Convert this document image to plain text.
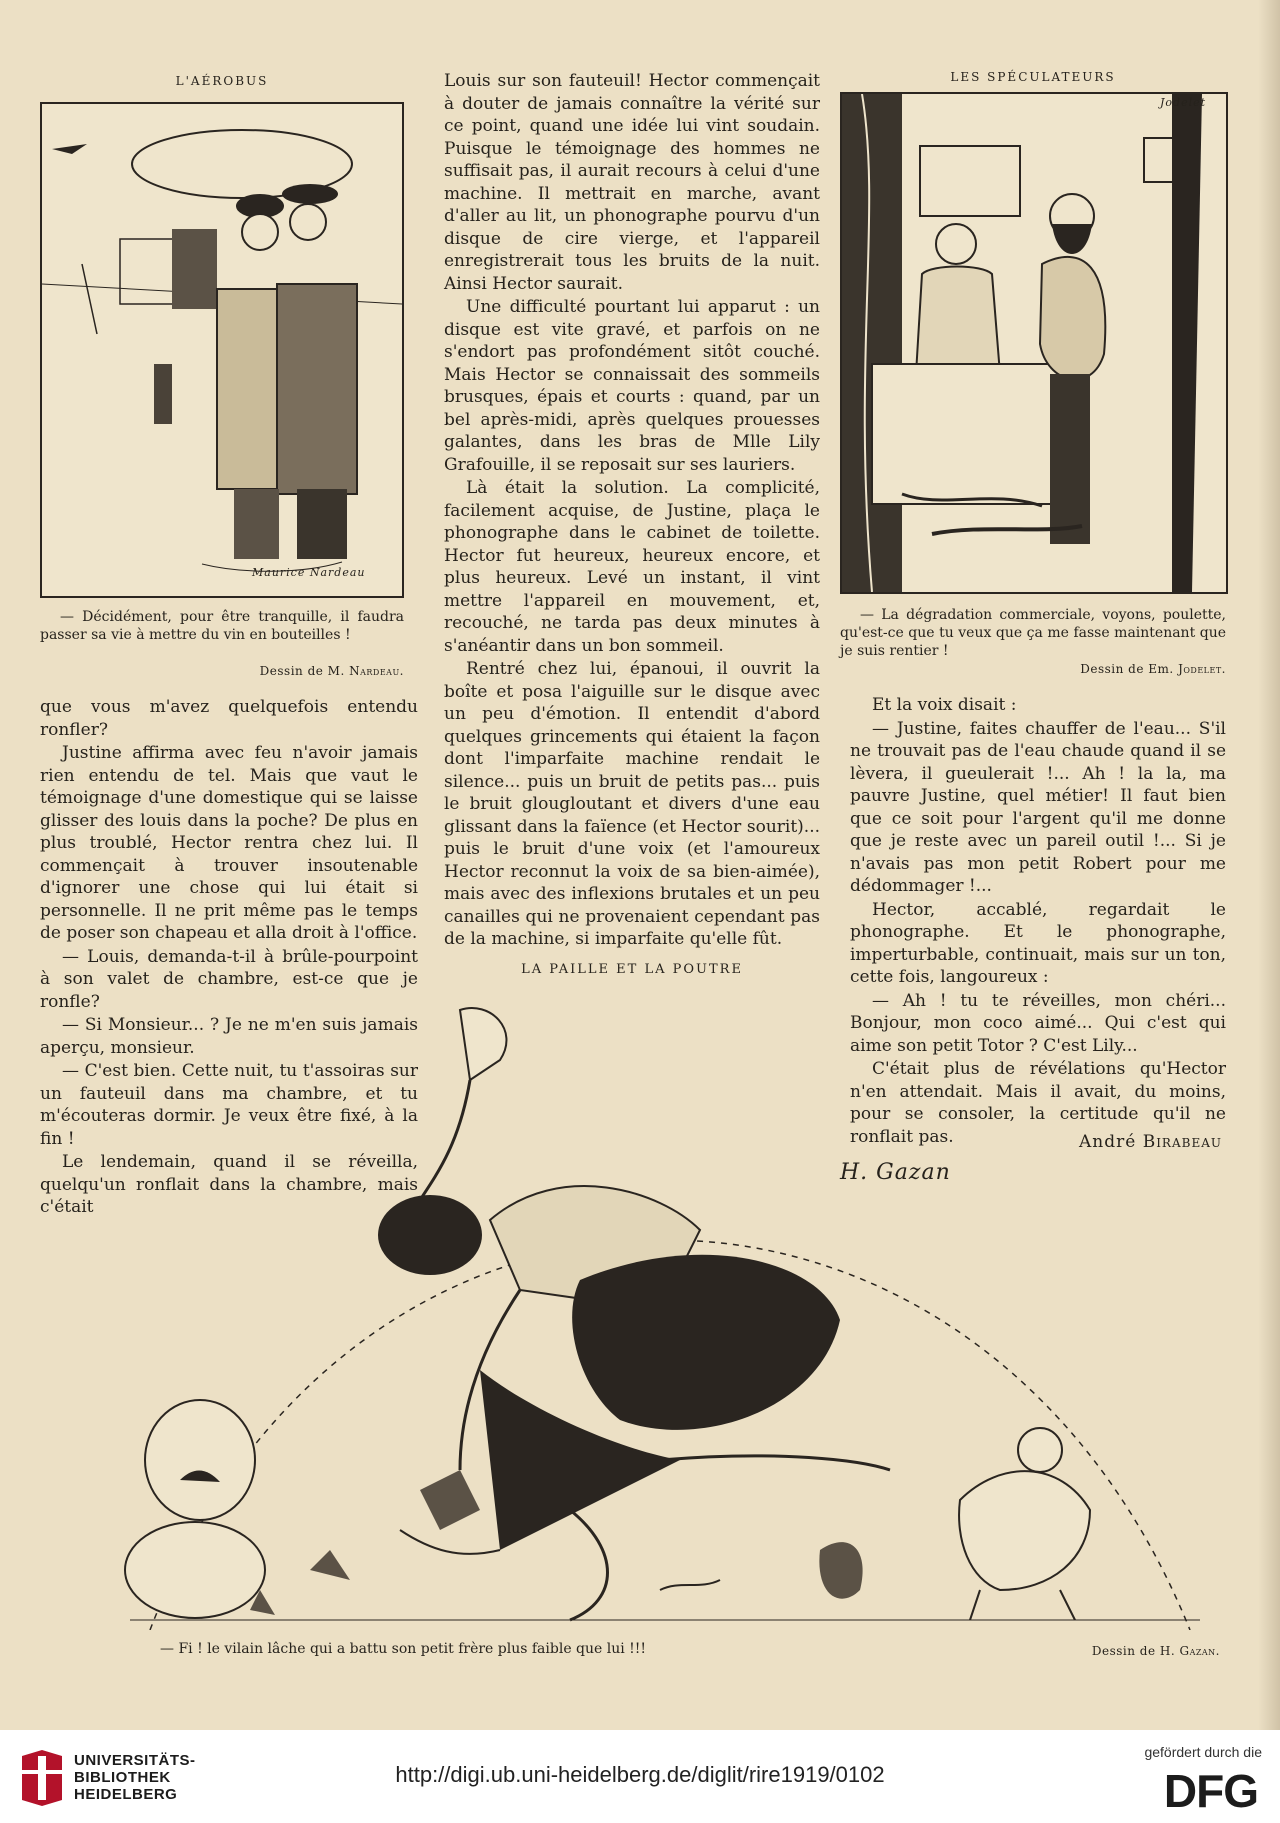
L'AÉROBUS
Maurice Nardeau
— Décidément, pour être tranquille, il faudra passer sa vie à mettre du vin en bouteilles !
Dessin de M. Nardeau.

que vous m'avez quelquefois entendu ronfler?

Justine affirma avec feu n'avoir jamais rien entendu de tel. Mais que vaut le témoignage d'une domestique qui se laisse glisser des louis dans la poche? De plus en plus troublé, Hector rentra chez lui. Il commençait à trouver insoutenable d'ignorer une chose qui lui était si personnelle. Il ne prit même pas le temps de poser son chapeau et alla droit à l'office.

— Louis, demanda-t-il à brûle-pourpoint à son valet de chambre, est-ce que je ronfle?

— Si Monsieur... ? Je ne m'en suis jamais aperçu, monsieur.

— C'est bien. Cette nuit, tu t'assoiras sur un fauteuil dans ma chambre, et tu m'écouteras dormir. Je veux être fixé, à la fin !

Le lendemain, quand il se réveilla, quelqu'un ronflait dans la chambre, mais c'était

Louis sur son fauteuil! Hector commençait à douter de jamais connaître la vérité sur ce point, quand une idée lui vint soudain. Puisque le témoignage des hommes ne suffisait pas, il aurait recours à celui d'une machine. Il mettrait en marche, avant d'aller au lit, un phonographe pourvu d'un disque de cire vierge, et l'appareil enregistrerait tous les bruits de la nuit. Ainsi Hector saurait.

Une difficulté pourtant lui apparut : un disque est vite gravé, et parfois on ne s'endort pas profondément sitôt couché. Mais Hector se connaissait des sommeils brusques, épais et courts : quand, par un bel après-midi, après quelques prouesses galantes, dans les bras de Mlle Lily Grafouille, il se reposait sur ses lauriers.

Là était la solution. La complicité, facilement acquise, de Justine, plaça le phonographe dans le cabinet de toilette. Hector fut heureux, heureux encore, et plus heureux. Levé un instant, il vint mettre l'appareil en mouvement, et, recouché, ne tarda pas deux minutes à s'anéantir dans un bon sommeil.

Rentré chez lui, épanoui, il ouvrit la boîte et posa l'aiguille sur le disque avec un peu d'émotion. Il entendit d'abord quelques grincements qui étaient la façon dont l'imparfaite machine rendait le silence... puis un bruit de petits pas... puis le bruit glougloutant et divers d'une eau glissant dans la faïence (et Hector sourit)... puis le bruit d'une voix (et l'amoureux Hector reconnut la voix de sa bien-aimée), mais avec des inflexions brutales et un peu canailles qui ne provenaient cependant pas de la machine, si imparfaite qu'elle fût.

LES SPÉCULATEURS
Jodelet
— La dégradation commerciale, voyons, poulette, qu'est-ce que tu veux que ça me fasse maintenant que je suis rentier !
Dessin de Em. Jodelet.

Et la voix disait :

— Justine, faites chauffer de l'eau... S'il ne trouvait pas de l'eau chaude quand il se lèvera, il gueulerait !... Ah ! la la, ma pauvre Justine, quel métier! Il faut bien que ce soit pour l'argent qu'il me donne que je reste avec un pareil outil !... Si je n'avais pas mon petit Robert pour me dédommager !...

Hector, accablé, regardait le phonographe. Et le phonographe, imperturbable, continuait, mais sur un ton, cette fois, langoureux :

— Ah ! tu te réveilles, mon chéri... Bonjour, mon coco aimé... Qui c'est qui aime son petit Totor ? C'est Lily...

C'était plus de révélations qu'Hector n'en attendait. Mais il avait, du moins, pour se consoler, la certitude qu'il ne ronflait pas.	André Birabeau
LA PAILLE ET LA POUTRE
H. Gazan
— Fi ! le vilain lâche qui a battu son petit frère plus faible que lui !!!	Dessin de H. Gazan.
UNIVERSITÄTS-
BIBLIOTHEK
HEIDELBERG
http://digi.ub.uni-heidelberg.de/diglit/rire1919/0102
gefördert durch die
DFG
